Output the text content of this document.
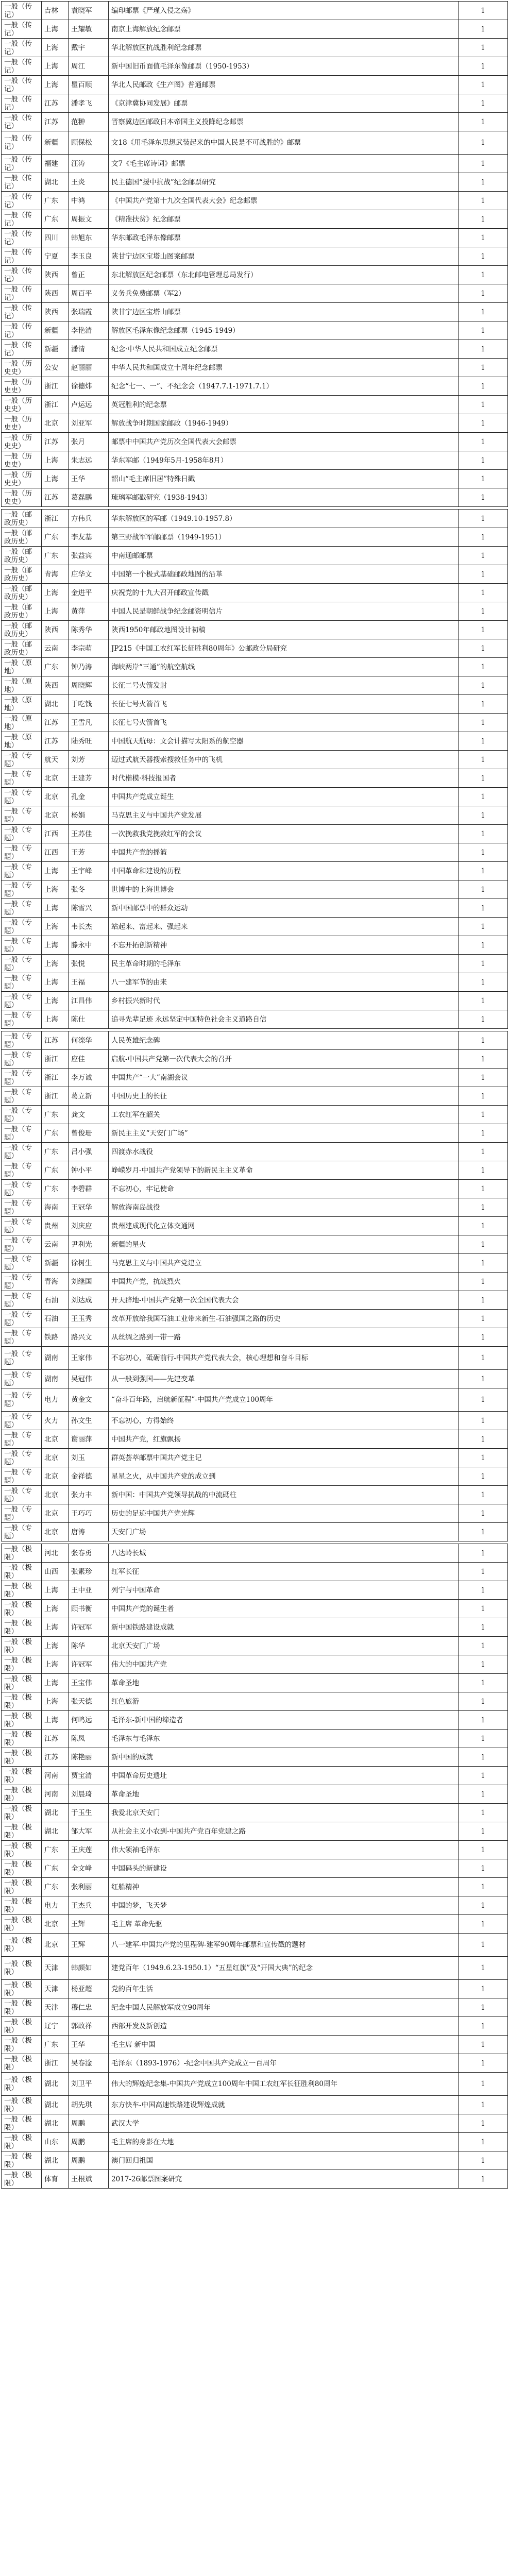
一般（传记）	吉林	袁晓军	编印邮票《严瑾入侵之殇》	1
一般（传记）	上海	王耀敏	南京上海解放纪念邮票	1
一般（传记）	上海	戴宇	华北解放区抗战胜利纪念邮票	1
一般（传记）	上海	周江	新中国旧币面值毛泽东像邮票（1950-1953）	1
一般（传记）	上海	瞿百顺	华北人民邮政《生产图》普通邮票	1
一般（传记）	江苏	潘孝飞	《京津冀协同发展》邮票	1
一般（传记）	江苏	范翀	晋察冀边区邮政日本帝国主义投降纪念邮票	1
一般（传记）	新疆	顾保松	文18《用毛泽东思想武装起来的中国人民是不可战胜的》邮票	1
一般（传记）	福建	汪涛	文7《毛主席诗词》邮票	1
一般（传记）	湖北	王炎	民主德国“援中抗战”纪念邮票研究	1
一般（传记）	广东	中鸿	《中国共产党第十九次全国代表大会》纪念邮票	1
一般（传记）	广东	周振文	《精准扶贫》纪念邮票	1
一般（传记）	四川	韩旭东	华东邮政毛泽东像邮票	1
一般（传记）	宁夏	李玉良	陕甘宁边区宝塔山图案邮票	1
一般（传记）	陕西	曾正	东北解放区纪念邮票（东北邮电管理总局发行）	1
一般（传记）	陕西	周百平	义务兵免费邮票（军2）	1
一般（传记）	陕西	张瑞霞	陕甘宁边区宝塔山邮票	1
一般（传记）	新疆	李艳清	解放区毛泽东像纪念邮票（1945-1949）	1
一般（传记）	新疆	潘清	纪念·中华人民共和国成立纪念邮票	1
一般（历史史）	公安	赵丽丽	中华人民共和国成立十周年纪念邮票	1
一般（历史史）	浙江	徐德炜	纪念“七一、一”、不纪念会（1947.7.1-1971.7.1）	1
一般（历史史）	浙江	卢运远	英冠胜利的纪念票	1
一般（历史史）	北京	刘亚军	解放战争时期国家邮政（1946-1949）	1
一般（历史史）	江苏	张月	邮票中中国共产党历次全国代表大会邮票	1
一般（历史史）	上海	朱志远	华东军邮（1949年5月-1958年8月）	1
一般（历史史）	上海	王华	韶山“毛主席旧居”特殊日戳	1
一般（历史史）	江苏	葛磊鹏	琉璃军邮戳研究（1938-1943）	1

一般（邮政历史）	浙江	方伟兵	华东解放区的军邮（1949.10-1957.8）	1
一般（邮政历史）	广东	李友基	第三野战军军邮邮票（1949-1951）	1
一般（邮政历史）	广东	张益宾	中南通邮邮票	1
一般（邮政历史）	青海	庄华文	中国第一个极式基础邮政地图的沿革	1
一般（邮政历史）	上海	金进平	庆祝党的十九大召开邮政宣传戳	1
一般（邮政历史）	上海	黄萍	中国人民是朝鲜战争纪念邮资明信片	1
一般（邮政历史）	陕西	陈秀华	陕西1950年邮政地图设计初稿	1
一般（邮政历史）	云南	李宗萌	JP215《中国工农红军长征胜利80周年》公邮政分局研究	1
一般（原地）	广东	钟乃涛	海峡两岸“三通”的航空航线	1
一般（原地）	陕西	周晓辉	长征二号火箭发射	1
一般（原地）	湖北	于吃钱	长征七号火箭首飞	1
一般（原地）	江苏	王雪凡	长征七号火箭首飞	1
一般（原地）	江苏	陆秀旺	中国航天航母：文会计描写太阳系的航空器	1
一般（专题）	航天	刘芳	迈过式航天器搜索搜救任务中的飞机	1
一般（专题）	北京	王建芳	时代楷模·科技报国者	1
一般（专题）	北京	孔金	中国共产党成立诞生	1
一般（专题）	北京	杨娟	马克思主义与中国共产党发展	1
一般（专题）	江西	王苏佳	一次挽救我党挽救红军的会议	1
一般（专题）	江西	王芳	中国共产党的摇篮	1
一般（专题）	上海	王宇峰	中国革命和建设的历程	1
一般（专题）	上海	张冬	世博中的上海世博会	1
一般（专题）	上海	陈雪兴	新中国邮票中的群众运动	1
一般（专题）	上海	韦长杰	站起来、富起来、强起来	1
一般（专题）	上海	滕永中	不忘开拓创新精神	1
一般（专题）	上海	张悦	民主革命时期的毛泽东	1
一般（专题）	上海	王福	八一建军节的由来	1
一般（专题）	上海	江昌伟	乡村振兴新时代	1
一般（专题）	上海	陈仕	追寻先辈足迹 永远坚定中国特色社会主义道路自信	1

一般（专题）	江苏	何滦华	人民英雄纪念碑	1
一般（专题）	浙江	应佳	启航-中国共产党第一次代表大会的召开	1
一般（专题）	浙江	李万诚	中国共产“一大”南湖会议	1
一般（专题）	浙江	葛立新	中国历史上的长征	1
一般（专题）	广东	龚文	工农红军在韶关	1
一般（专题）	广东	曾俊珊	新民主主义“天安门广场”	1
一般（专题）	广东	吕小强	四渡赤水战役	1
一般（专题）	广东	钟小平	峥嵘岁月-中国共产党领导下的新民主主义革命	1
一般（专题）	广东	李碧群	不忘初心，牢记使命	1
一般（专题）	海南	王冠华	解放海南岛战役	1
一般（专题）	贵州	刘庆应	贵州建成现代化立体交通网	1
一般（专题）	云南	尹利光	新疆的星火	1
一般（专题）	新疆	徐树生	马克思主义与中国共产党建立	1
一般（专题）	青海	刘继国	中国共产党，抗战烈火	1
一般（专题）	石油	刘达成	开天辟地-中国共产党第一次全国代表大会	1
一般（专题）	石油	王玉秀	改革开放给我国石油工业带来新生-石油强国之路的历史	1
一般（专题）	铁路	路兴文	从丝绸之路到一带一路	1
一般（专题）	湖南	王家伟	不忘初心，砥砺前行-中国共产党代表大会，核心理想和奋斗目标	1
一般（专题）	湖南	吴冠伟	从一般到强国——先建变革	1
一般（专题）	电力	黄金文	“奋斗百年路，启航新征程”-中国共产党成立100周年	1
一般（专题）	火力	孙文生	不忘初心，方得始终	1
一般（专题）	北京	谢丽萍	中国共产党，红旗飘扬	1
一般（专题）	北京	刘玉	群英荟萃邮票中国共产党主记	1
一般（专题）	北京	金祥德	星星之火，从中国共产党的成立到	1
一般（专题）	北京	张力丰	新中国：中国共产党领导抗战的中流砥柱	1
一般（专题）	北京	王巧巧	历史的足迹中国共产党光辉	1
一般（专题）	北京	唐涛	天安门广场	1

一般（极限）	河北	张春勇	八达岭长城	1
一般（极限）	山西	张素珍	红军长征	1
一般（极限）	上海	王中亚	列宁与中国革命	1
一般（极限）	上海	顾书衡	中国共产党的诞生者	1
一般（极限）	上海	许冠军	新中国铁路建设成就	1
一般（极限）	上海	陈华	北京天安门广场	1
一般（极限）	上海	许冠军	伟大的中国共产党	1
一般（极限）	上海	王宝伟	革命圣地	1
一般（极限）	上海	张天德	红色旅游	1
一般（极限）	上海	何鸣远	毛泽东-新中国的缔造者	1
一般（极限）	江苏	陈凤	毛泽东与毛泽东	1
一般（极限）	江苏	陈艳丽	新中国的成就	1
一般（极限）	河南	贾宝清	中国革命历史遗址	1
一般（极限）	河南	刘晨琦	革命圣地	1
一般（极限）	湖北	于玉生	我爱北京天安门	1
一般（极限）	湖北	邹大军	从社会主义小农到-中国共产党百年党建之路	1
一般（极限）	广东	王庆莲	伟大领袖毛泽东	1
一般（极限）	广东	全文峰	中国码头的新建设	1
一般（极限）	广东	张利丽	红船精神	1
一般（极限）	电力	王杰兵	中国的梦，飞天梦	1
一般（极限）	北京	王辉	毛主席 革命先驱	1
一般（极限）	北京	王辉	八一建军-中国共产党的里程碑-建军90周年邮票和宣传戳的题材	1
一般（极限）	天津	韩颜如	建党百年（1949.6.23-1950.1）“五星红旗”及“开国大典”的纪念	1
一般（极限）	天津	杨亚超	党的百年生活	1
一般（极限）	天津	穆仁忠	纪念中国人民解放军成立90周年	1
一般（极限）	辽宁	郭政祥	西部开发及新创造	1
一般（极限）	广东	王华	毛主席 新中国	1
一般（极限）	浙江	吴春淦	毛泽东（1893-1976）-纪念中国共产党成立一百周年	1
一般（极限）	湖北	刘卫平	伟大的辉煌纪念集-中国共产党成立100周年中国工农红军长征胜利80周年	1
一般（极限）	湖北	胡先琪	东方快车-中国高速铁路建设辉煌成就	1
一般（极限）	湖北	周鹏	武汉大学	1
一般（极限）	山东	周鹏	毛主席的身影在大地	1
一般（极限）	湖北	周鹏	澳门回归祖国	1
一般（极限）	体育	王根斌	2017-26邮票图案研究	1
